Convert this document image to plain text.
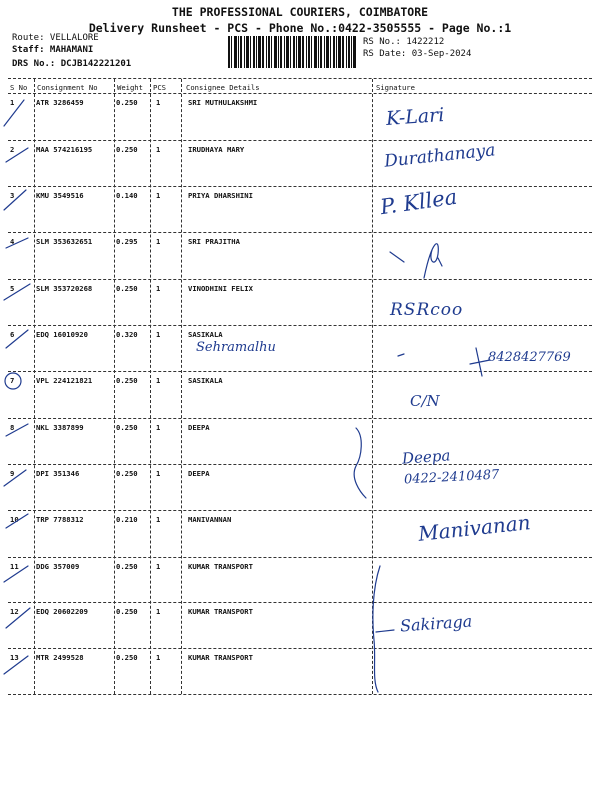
THE PROFESSIONAL COURIERS, COIMBATORE
Delivery Runsheet - PCS - Phone No.:0422-3505555 - Page No.:1
Route: VELLALORE
Staff: MAHAMANI
DRS No.: DCJB142221201
RS No.: 1422212
RS Date: 03-Sep-2024
S No Consignment No	Weight PCS	Consignee Details	Signature
1	ATR 3286459	0.250	1	SRI MUTHULAKSHMI
2	MAA 574216195	0.250	1	IRUDHAYA MARY
3	KMU 3549516	0.140	1	PRIYA DHARSHINI
4	SLM 353632651	0.295	1	SRI PRAJITHA
5	SLM 353720268	0.250	1	VINODHINI FELIX
6	EDQ 16010920	0.320	1	SASIKALA
7	VPL 224121821	0.250	1	SASIKALA
8	NKL 3387899	0.250	1	DEEPA
9	DPI 351346	0.250	1	DEEPA
10 TRP 7788312	0.210	1	MANIVANNAN
11 DDG 357009	0.250	1	KUMAR TRANSPORT
12 EDQ 20602209	0.250	1	KUMAR TRANSPORT
13 MTR 2499528	0.250	1	KUMAR TRANSPORT
K-Lari
Durathanaya
P. Kllea
RSRcoo
Sehramalhu
8428427769
C/N
Deepa
0422-2410487
Manivanan
Sakiraga
